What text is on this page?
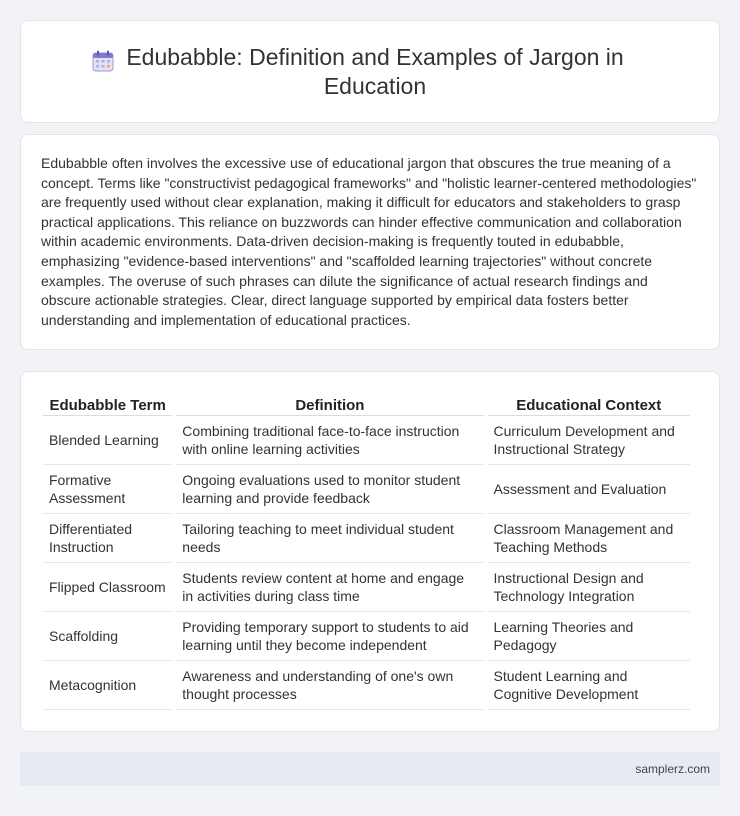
Edubabble: Definition and Examples of Jargon in Education

Edubabble often involves the excessive use of educational jargon that obscures the true meaning of a concept. Terms like "constructivist pedagogical frameworks" and "holistic learner-centered methodologies" are frequently used without clear explanation, making it difficult for educators and stakeholders to grasp practical applications. This reliance on buzzwords can hinder effective communication and collaboration within academic environments. Data-driven decision-making is frequently touted in edubabble, emphasizing "evidence-based interventions" and "scaffolded learning trajectories" without concrete examples. The overuse of such phrases can dilute the significance of actual research findings and obscure actionable strategies. Clear, direct language supported by empirical data fosters better understanding and implementation of educational practices.

Edubabble Term	Definition	Educational Context
Blended Learning	Combining traditional face-to-face instruction with online learning activities	Curriculum Development and Instructional Strategy
Formative Assessment	Ongoing evaluations used to monitor student learning and provide feedback	Assessment and Evaluation
Differentiated Instruction	Tailoring teaching to meet individual student needs	Classroom Management and Teaching Methods
Flipped Classroom	Students review content at home and engage in activities during class time	Instructional Design and Technology Integration
Scaffolding	Providing temporary support to students to aid learning until they become independent	Learning Theories and Pedagogy
Metacognition	Awareness and understanding of one's own thought processes	Student Learning and Cognitive Development
samplerz.com
